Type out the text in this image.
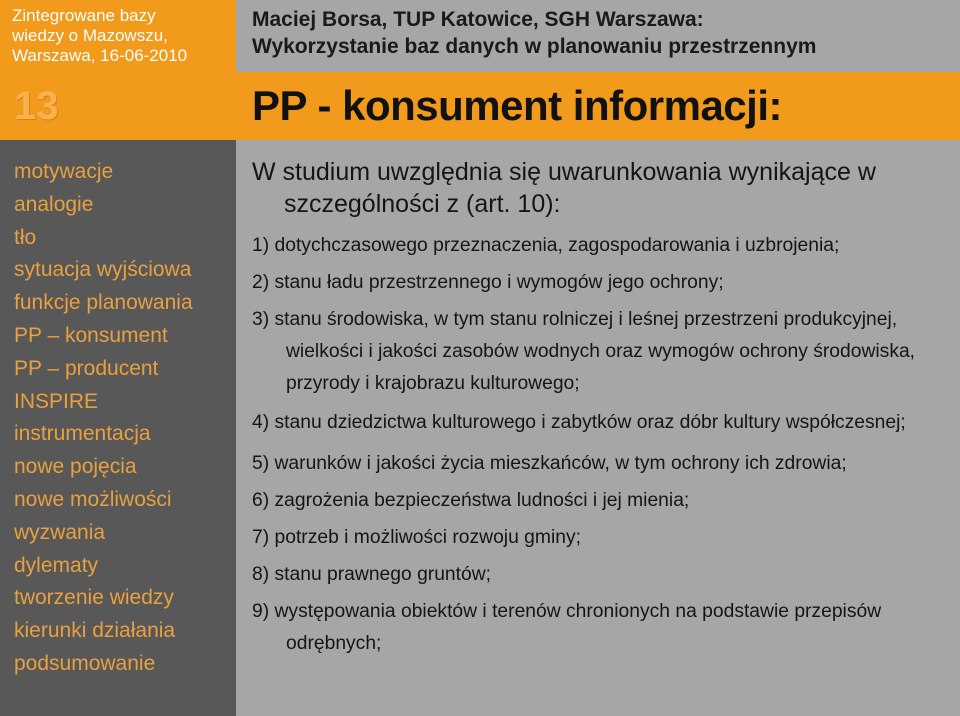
Zintegrowane bazy
wiedzy o Mazowszu,
Warszawa, 16-06-2010
13
motywacje
analogie
tło
sytuacja wyjściowa
funkcje planowania
PP – konsument
PP – producent
INSPIRE
instrumentacja
nowe pojęcia
nowe możliwości
wyzwania
dylematy
tworzenie wiedzy
kierunki działania
podsumowanie
Maciej Borsa, TUP Katowice, SGH Warszawa:
Wykorzystanie baz danych w planowaniu przestrzennym
PP - konsument informacji:

W studium uwzględnia się uwarunkowania wynikające w szczególności z (art. 10):

1) dotychczasowego przeznaczenia, zagospodarowania i uzbrojenia;
2) stanu ładu przestrzennego i wymogów jego ochrony;
3) stanu środowiska, w tym stanu rolniczej i leśnej przestrzeni produkcyjnej, wielkości i jakości zasobów wodnych oraz wymogów ochrony środowiska, przyrody i krajobrazu kulturowego;
4) stanu dziedzictwa kulturowego i zabytków oraz dóbr kultury współczesnej;
5) warunków i jakości życia mieszkańców, w tym ochrony ich zdrowia;
6) zagrożenia bezpieczeństwa ludności i jej mienia;
7) potrzeb i możliwości rozwoju gminy;
8) stanu prawnego gruntów;
9) występowania obiektów i terenów chronionych na podstawie przepisów odrębnych;
